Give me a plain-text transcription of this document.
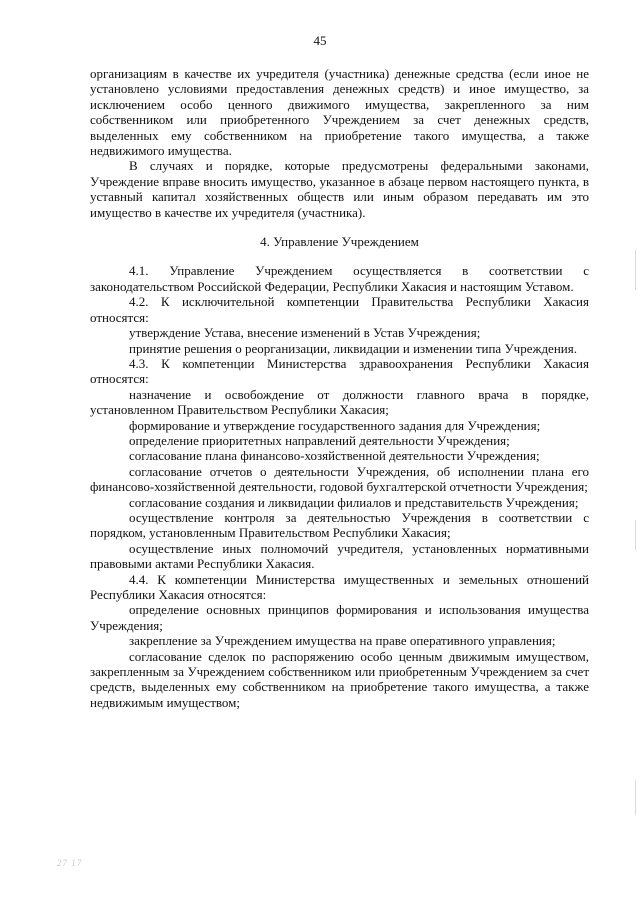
45

организациям в качестве их учредителя (участника) денежные средства (если иное не установлено условиями предоставления денежных средств) и иное имущество, за исключением особо ценного движимого имущества, закрепленного за ним собственником или приобретенного Учреждением за счет денежных средств, выделенных ему собственником на приобретение такого имущества, а также недвижимого имущества.

В случаях и порядке, которые предусмотрены федеральными законами, Учреждение вправе вносить имущество, указанное в абзаце первом настоящего пункта, в уставный капитал хозяйственных обществ или иным образом передавать им это имущество в качестве их учредителя (участника).

4. Управление Учреждением

4.1. Управление Учреждением осуществляется в соответствии с законодательством Российской Федерации, Республики Хакасия и настоящим Уставом.

4.2. К исключительной компетенции Правительства Республики Хакасия относятся:

утверждение Устава, внесение изменений в Устав Учреждения;

принятие решения о реорганизации, ликвидации и изменении типа Учреждения.

4.3. К компетенции Министерства здравоохранения Республики Хакасия относятся:

назначение и освобождение от должности главного врача в порядке, установленном Правительством Республики Хакасия;

формирование и утверждение государственного задания для Учреждения;

определение приоритетных направлений деятельности Учреждения;

согласование плана финансово-хозяйственной деятельности Учреждения;

согласование отчетов о деятельности Учреждения, об исполнении плана его финансово-хозяйственной деятельности, годовой бухгалтерской отчетности Учреждения;

согласование создания и ликвидации филиалов и представительств Учреждения;

осуществление контроля за деятельностью Учреждения в соответствии с порядком, установленным Правительством Республики Хакасия;

осуществление иных полномочий учредителя, установленных нормативными правовыми актами Республики Хакасия.

4.4. К компетенции Министерства имущественных и земельных отношений Республики Хакасия относятся:

определение основных принципов формирования и использования имущества Учреждения;

закрепление за Учреждением имущества на праве оперативного управления;

согласование сделок по распоряжению особо ценным движимым имуществом, закрепленным за Учреждением собственником или приобретенным Учреждением за счет средств, выделенных ему собственником на приобретение такого имущества, а также недвижимым имуществом;

27 17
